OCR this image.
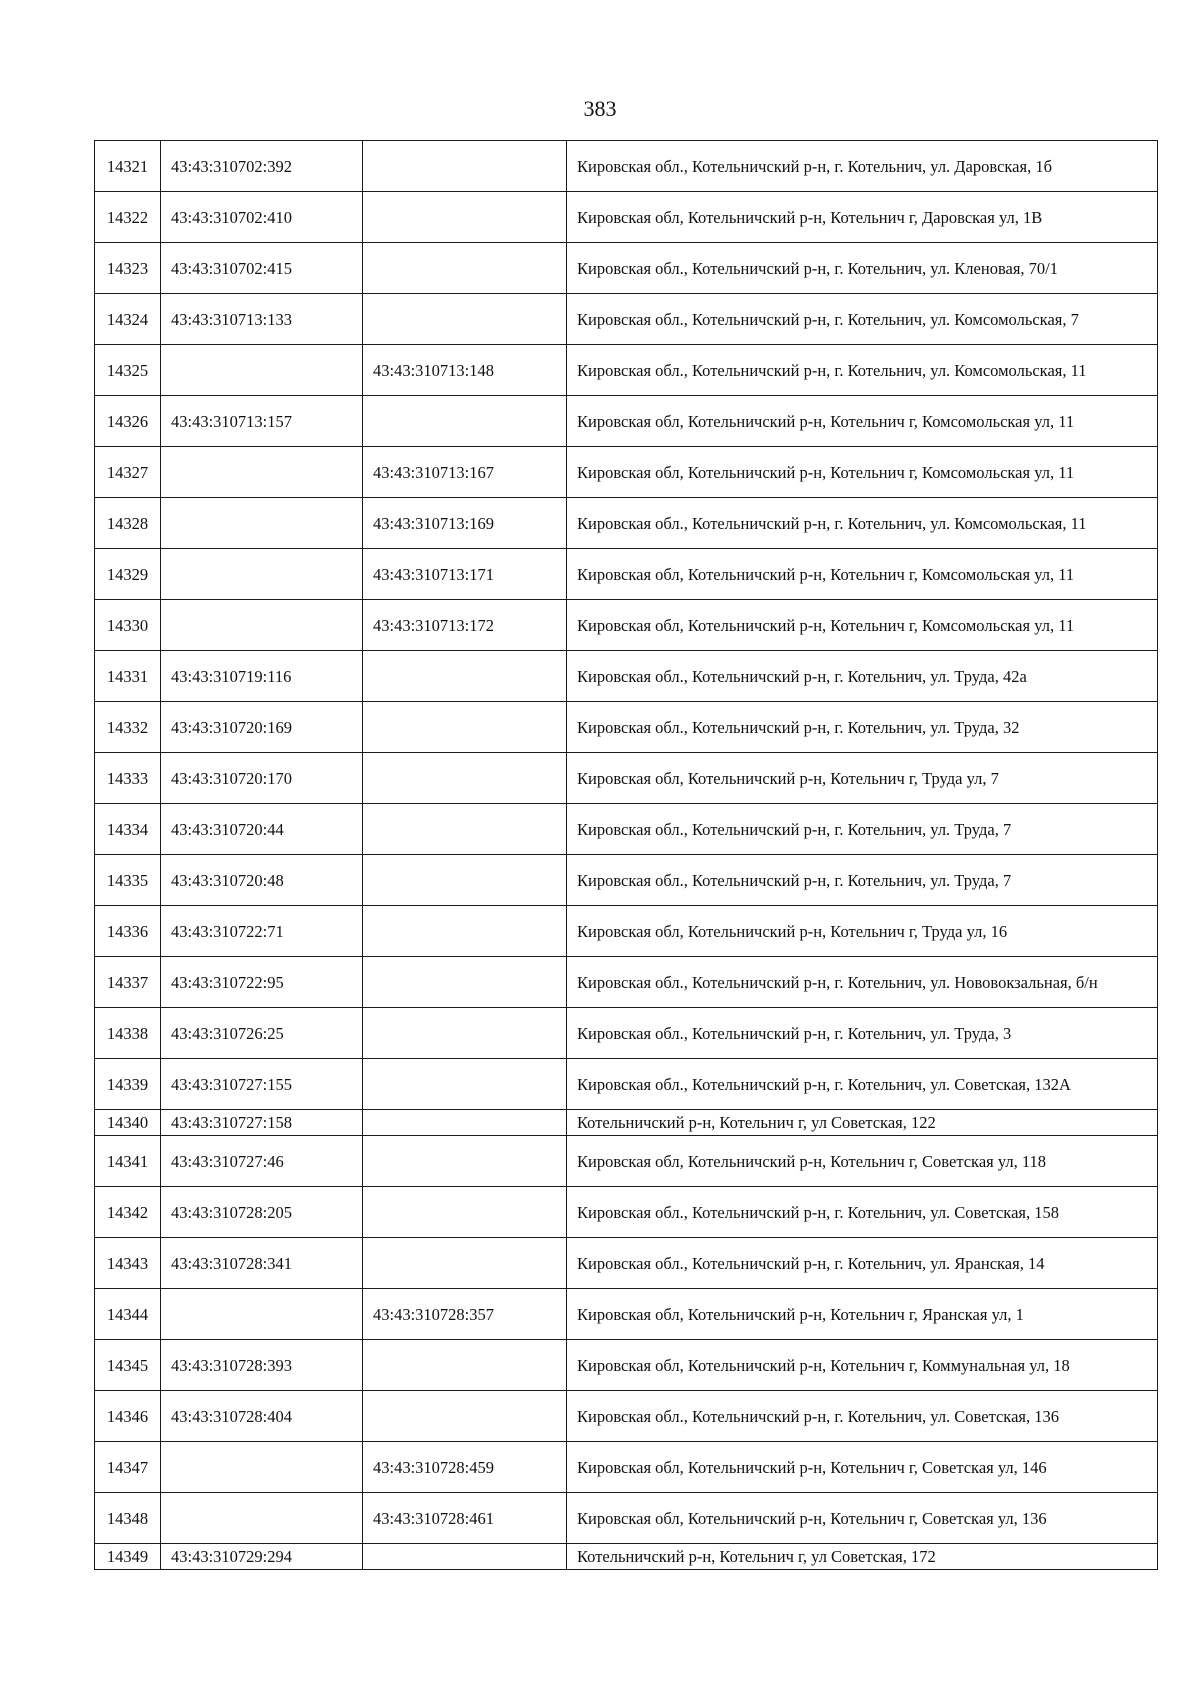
383
14321	43:43:310702:392		Кировская обл., Котельничский р-н, г. Котельнич, ул. Даровская, 1б
14322	43:43:310702:410		Кировская обл, Котельничский р-н, Котельнич г, Даровская ул, 1В
14323	43:43:310702:415		Кировская обл., Котельничский р-н, г. Котельнич, ул. Кленовая, 70/1
14324	43:43:310713:133		Кировская обл., Котельничский р-н, г. Котельнич, ул. Комсомольская, 7
14325		43:43:310713:148	Кировская обл., Котельничский р-н, г. Котельнич, ул. Комсомольская, 11
14326	43:43:310713:157		Кировская обл, Котельничский р-н, Котельнич г, Комсомольская ул, 11
14327		43:43:310713:167	Кировская обл, Котельничский р-н, Котельнич г, Комсомольская ул, 11
14328		43:43:310713:169	Кировская обл., Котельничский р-н, г. Котельнич, ул. Комсомольская, 11
14329		43:43:310713:171	Кировская обл, Котельничский р-н, Котельнич г, Комсомольская ул, 11
14330		43:43:310713:172	Кировская обл, Котельничский р-н, Котельнич г, Комсомольская ул, 11
14331	43:43:310719:116		Кировская обл., Котельничский р-н, г. Котельнич, ул. Труда, 42а
14332	43:43:310720:169		Кировская обл., Котельничский р-н, г. Котельнич, ул. Труда, 32
14333	43:43:310720:170		Кировская обл, Котельничский р-н, Котельнич г, Труда ул, 7
14334	43:43:310720:44		Кировская обл., Котельничский р-н, г. Котельнич, ул. Труда, 7
14335	43:43:310720:48		Кировская обл., Котельничский р-н, г. Котельнич, ул. Труда, 7
14336	43:43:310722:71		Кировская обл, Котельничский р-н, Котельнич г, Труда ул, 16
14337	43:43:310722:95		Кировская обл., Котельничский р-н, г. Котельнич, ул. Нововокзальная, б/н
14338	43:43:310726:25		Кировская обл., Котельничский р-н, г. Котельнич, ул. Труда, 3
14339	43:43:310727:155		Кировская обл., Котельничский р-н, г. Котельнич, ул. Советская, 132А
14340	43:43:310727:158		Котельничский р-н, Котельнич г, ул Советская, 122
14341	43:43:310727:46		Кировская обл, Котельничский р-н, Котельнич г, Советская ул, 118
14342	43:43:310728:205		Кировская обл., Котельничский р-н, г. Котельнич, ул. Советская, 158
14343	43:43:310728:341		Кировская обл., Котельничский р-н, г. Котельнич, ул. Яранская, 14
14344		43:43:310728:357	Кировская обл, Котельничский р-н, Котельнич г, Яранская ул, 1
14345	43:43:310728:393		Кировская обл, Котельничский р-н, Котельнич г, Коммунальная ул, 18
14346	43:43:310728:404		Кировская обл., Котельничский р-н, г. Котельнич, ул. Советская, 136
14347		43:43:310728:459	Кировская обл, Котельничский р-н, Котельнич г, Советская ул, 146
14348		43:43:310728:461	Кировская обл, Котельничский р-н, Котельнич г, Советская ул, 136
14349	43:43:310729:294		Котельничский р-н, Котельнич г, ул Советская, 172
